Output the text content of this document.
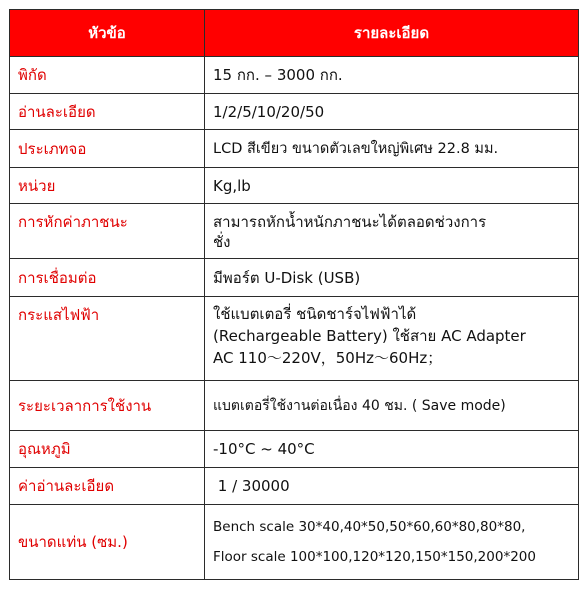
หัวข้อ	รายละเอียด
พิกัด	15 กก. – 3000 กก.

อ่านละเอียด	1/2/5/10/20/50

ประเภทจอ	LCD สีเขียว ขนาดตัวเลขใหญ่พิเศษ 22.8 มม.

หน่วย	Kg,lb

การหักค่าภาชนะ	สามารถหักน้ำหนักภาชนะได้ตลอดช่วงการ
ชั่ง

การเชื่อมต่อ	มีพอร์ต U-Disk (USB)

กระแสไฟฟ้า	ใช้แบตเตอรี่ ชนิดชาร์จไฟฟ้าได้
(Rechargeable Battery) ใช้สาย AC Adapter
AC 110～220V，50Hz～60Hz；

ระยะเวลาการใช้งาน	แบตเตอรี่ใช้งานต่อเนื่อง 40 ชม. ( Save mode)

อุณหภูมิ	-10°C ~ 40°C

ค่าอ่านละเอียด	1 / 30000

ขนาดแท่น (ซม.)	Bench scale 30*40,40*50,50*60,60*80,80*80,
Floor scale 100*100,120*120,150*150,200*200
